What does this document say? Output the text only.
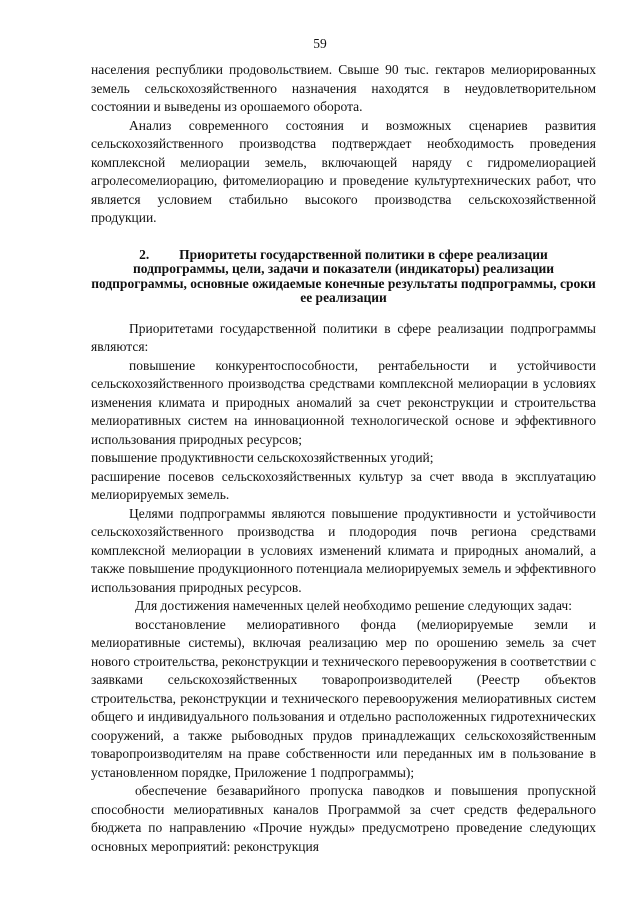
59

населения республики продовольствием. Свыше 90 тыс. гектаров мелиорированных земель сельскохозяйственного назначения находятся в неудовлетворительном состоянии и выведены из орошаемого оборота.

Анализ современного состояния и возможных сценариев развития сельскохозяйственного производства подтверждает необходимость проведения комплексной мелиорации земель, включающей наряду с гидромелиорацией агролесомелиорацию, фитомелиорацию и проведение культуртехнических работ, что является условием стабильно высокого производства сельскохозяйственной продукции.

2. Приоритеты государственной политики в сфере реализации подпрограммы, цели, задачи и показатели (индикаторы) реализации подпрограммы, основные ожидаемые конечные результаты подпрограммы, сроки ее реализации

Приоритетами государственной политики в сфере реализации подпрограммы являются:

повышение конкурентоспособности, рентабельности и устойчивости сельскохозяйственного производства средствами комплексной мелиорации в условиях изменения климата и природных аномалий за счет реконструкции и строительства мелиоративных систем на инновационной технологической основе и эффективного использования природных ресурсов;

повышение продуктивности сельскохозяйственных угодий;

расширение посевов сельскохозяйственных культур за счет ввода в эксплуатацию мелиорируемых земель.

Целями подпрограммы являются повышение продуктивности и устойчивости сельскохозяйственного производства и плодородия почв региона средствами комплексной мелиорации в условиях изменений климата и природных аномалий, а также повышение продукционного потенциала мелиорируемых земель и эффективного использования природных ресурсов.

Для достижения намеченных целей необходимо решение следующих задач:

восстановление мелиоративного фонда (мелиорируемые земли и мелиоративные системы), включая реализацию мер по орошению земель за счет нового строительства, реконструкции и технического перевооружения в соответствии с заявками сельскохозяйственных товаропроизводителей (Реестр объектов строительства, реконструкции и технического перевооружения мелиоративных систем общего и индивидуального пользования и отдельно расположенных гидротехнических сооружений, а также рыбоводных прудов принадлежащих сельскохозяйственным товаропроизводителям на праве собственности или переданных им в пользование в установленном порядке, Приложение 1 подпрограммы);

обеспечение безаварийного пропуска паводков и повышения пропускной способности мелиоративных каналов Программой за счет средств федерального бюджета по направлению «Прочие нужды» предусмотрено проведение следующих основных мероприятий: реконструкция
